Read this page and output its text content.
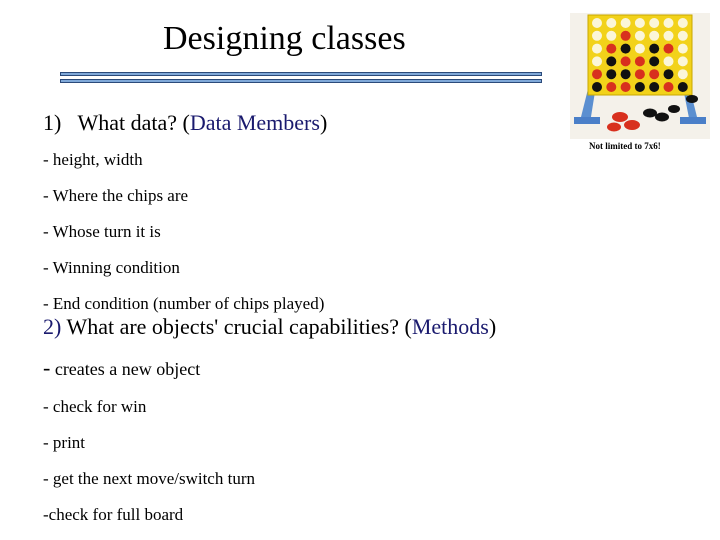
Designing classes
Not limited to 7x6!
1) What data? (Data Members)
- height, width
- Where the chips are
- Whose turn it is
- Winning condition
- End condition (number of chips played)
2) What are objects' crucial capabilities? (Methods)
- creates a new object
- check for win
- print
- get the next move/switch turn
-check for full board
